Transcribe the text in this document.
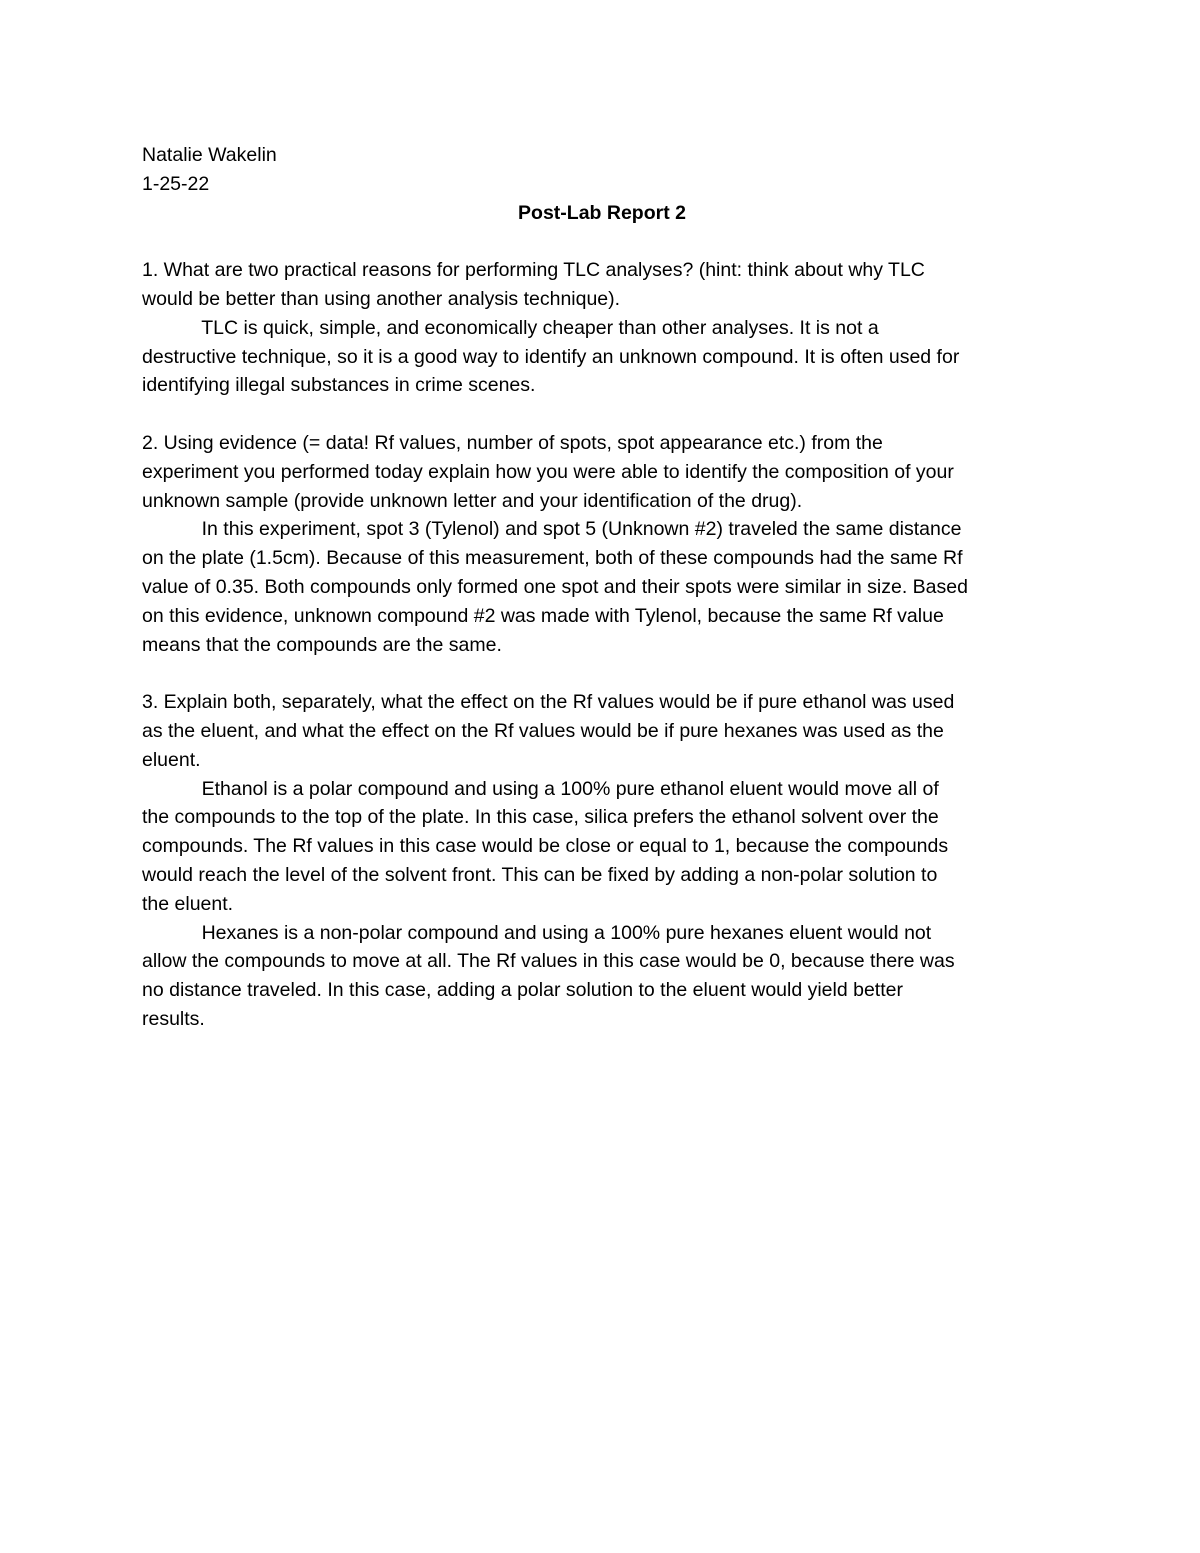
Natalie Wakelin
1-25-22
Post-Lab Report 2
1. What are two practical reasons for performing TLC analyses? (hint: think about why TLC
would be better than using another analysis technique).
TLC is quick, simple, and economically cheaper than other analyses. It is not a
destructive technique, so it is a good way to identify an unknown compound. It is often used for
identifying illegal substances in crime scenes.
2. Using evidence (= data! Rf values, number of spots, spot appearance etc.) from the
experiment you performed today explain how you were able to identify the composition of your
unknown sample (provide unknown letter and your identification of the drug).
In this experiment, spot 3 (Tylenol) and spot 5 (Unknown #2) traveled the same distance
on the plate (1.5cm). Because of this measurement, both of these compounds had the same Rf
value of 0.35. Both compounds only formed one spot and their spots were similar in size. Based
on this evidence, unknown compound #2 was made with Tylenol, because the same Rf value
means that the compounds are the same.
3. Explain both, separately, what the effect on the Rf values would be if pure ethanol was used
as the eluent, and what the effect on the Rf values would be if pure hexanes was used as the
eluent.
Ethanol is a polar compound and using a 100% pure ethanol eluent would move all of
the compounds to the top of the plate. In this case, silica prefers the ethanol solvent over the
compounds. The Rf values in this case would be close or equal to 1, because the compounds
would reach the level of the solvent front. This can be fixed by adding a non-polar solution to
the eluent.
Hexanes is a non-polar compound and using a 100% pure hexanes eluent would not
allow the compounds to move at all. The Rf values in this case would be 0, because there was
no distance traveled. In this case, adding a polar solution to the eluent would yield better
results.
